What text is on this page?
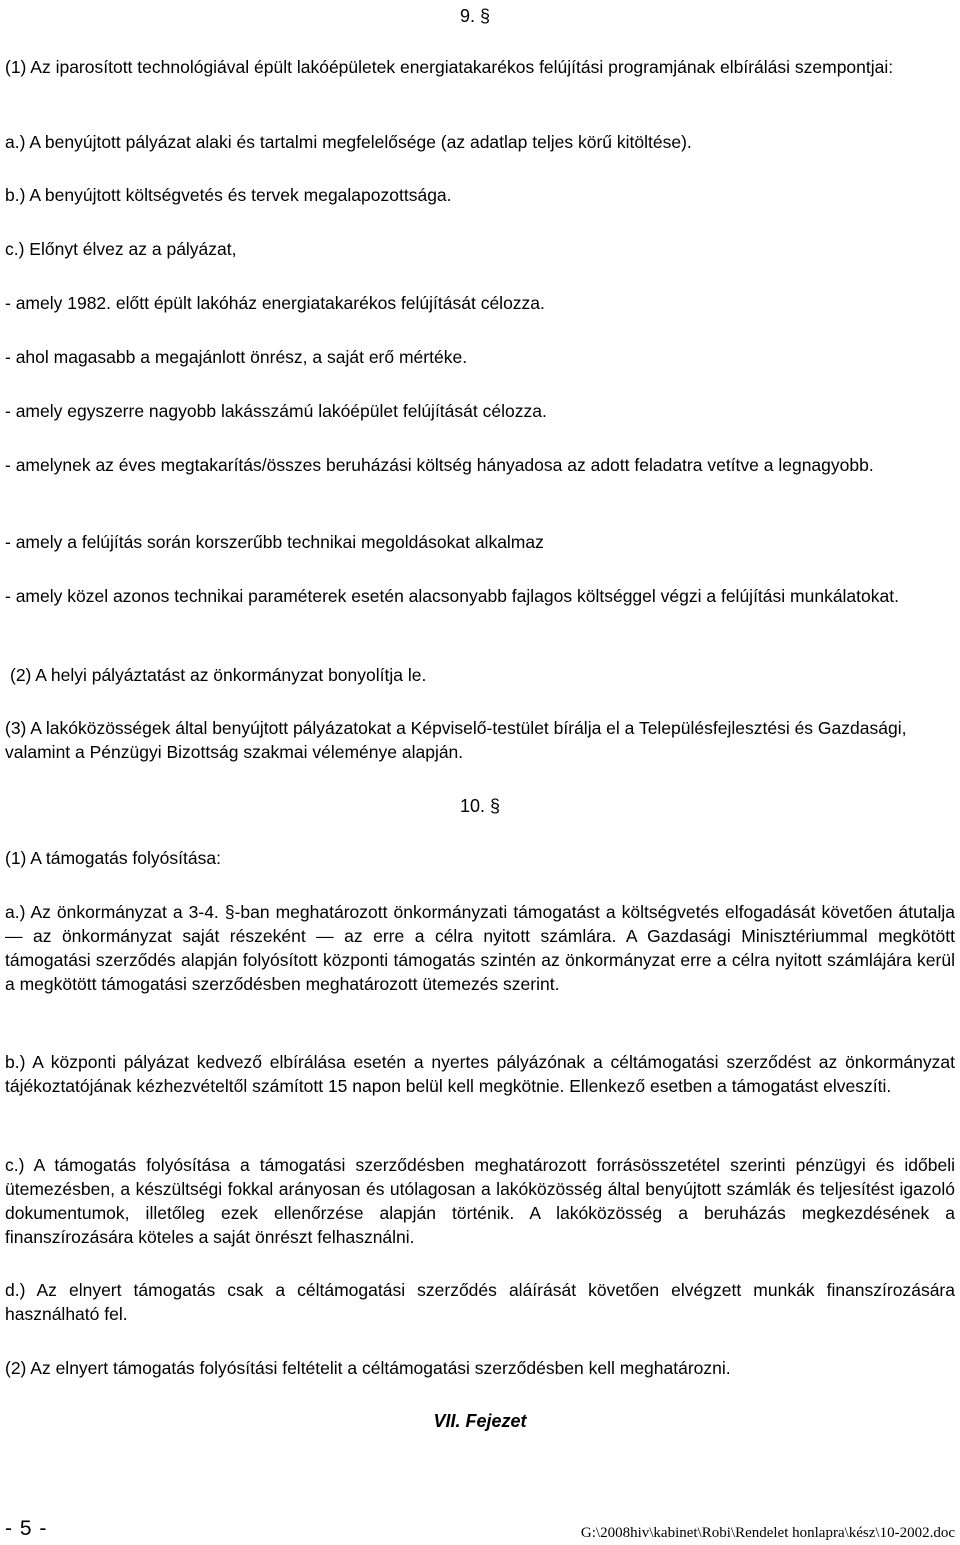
9. §

(1) Az iparosított technológiával épült lakóépületek energiatakarékos felújítási programjának elbírálási szempontjai:

a.) A benyújtott pályázat alaki és tartalmi megfelelősége (az adatlap teljes körű kitöltése).

b.) A benyújtott költségvetés és tervek megalapozottsága.

c.) Előnyt élvez az a pályázat,

- amely 1982. előtt épült lakóház energiatakarékos felújítását célozza.

- ahol magasabb a megajánlott önrész, a saját erő mértéke.

- amely egyszerre nagyobb lakásszámú lakóépület felújítását célozza.

- amelynek az éves megtakarítás/összes beruházási költség hányadosa az adott feladatra vetítve a legnagyobb.

- amely a felújítás során korszerűbb technikai megoldásokat alkalmaz

- amely közel azonos technikai paraméterek esetén alacsonyabb fajlagos költséggel végzi a felújítási munkálatokat.

(2) A helyi pályáztatást az önkormányzat bonyolítja le.

(3) A lakóközösségek által benyújtott pályázatokat a Képviselő-testület bírálja el a Településfejlesztési és Gazdasági, valamint a Pénzügyi Bizottság szakmai véleménye alapján.

10. §

(1) A támogatás folyósítása:

a.) Az önkormányzat a 3-4. §-ban meghatározott önkormányzati támogatást a költségvetés elfogadását követően átutalja — az önkormányzat saját részeként — az erre a célra nyitott számlára. A Gazdasági Minisztériummal megkötött támogatási szerződés alapján folyósított központi támogatás szintén az önkormányzat erre a célra nyitott számlájára kerül a megkötött támogatási szerződésben meghatározott ütemezés szerint.

b.) A központi pályázat kedvező elbírálása esetén a nyertes pályázónak a céltámogatási szerződést az önkormányzat tájékoztatójának kézhezvételtől számított 15 napon belül kell megkötnie. Ellenkező esetben a támogatást elveszíti.

c.) A támogatás folyósítása a támogatási szerződésben meghatározott forrásösszetétel szerinti pénzügyi és időbeli ütemezésben, a készültségi fokkal arányosan és utólagosan a lakóközösség által benyújtott számlák és teljesítést igazoló dokumentumok, illetőleg ezek ellenőrzése alapján történik. A lakóközösség a beruházás megkezdésének a finanszírozására köteles a saját önrészt felhasználni.

d.) Az elnyert támogatás csak a céltámogatási szerződés aláírását követően elvégzett munkák finanszírozására használható fel.

(2) Az elnyert támogatás folyósítási feltételit a céltámogatási szerződésben kell meghatározni.

VII. Fejezet
- 5 -	G:\2008hiv\kabinet\Robi\Rendelet honlapra\kész\10-2002.doc
